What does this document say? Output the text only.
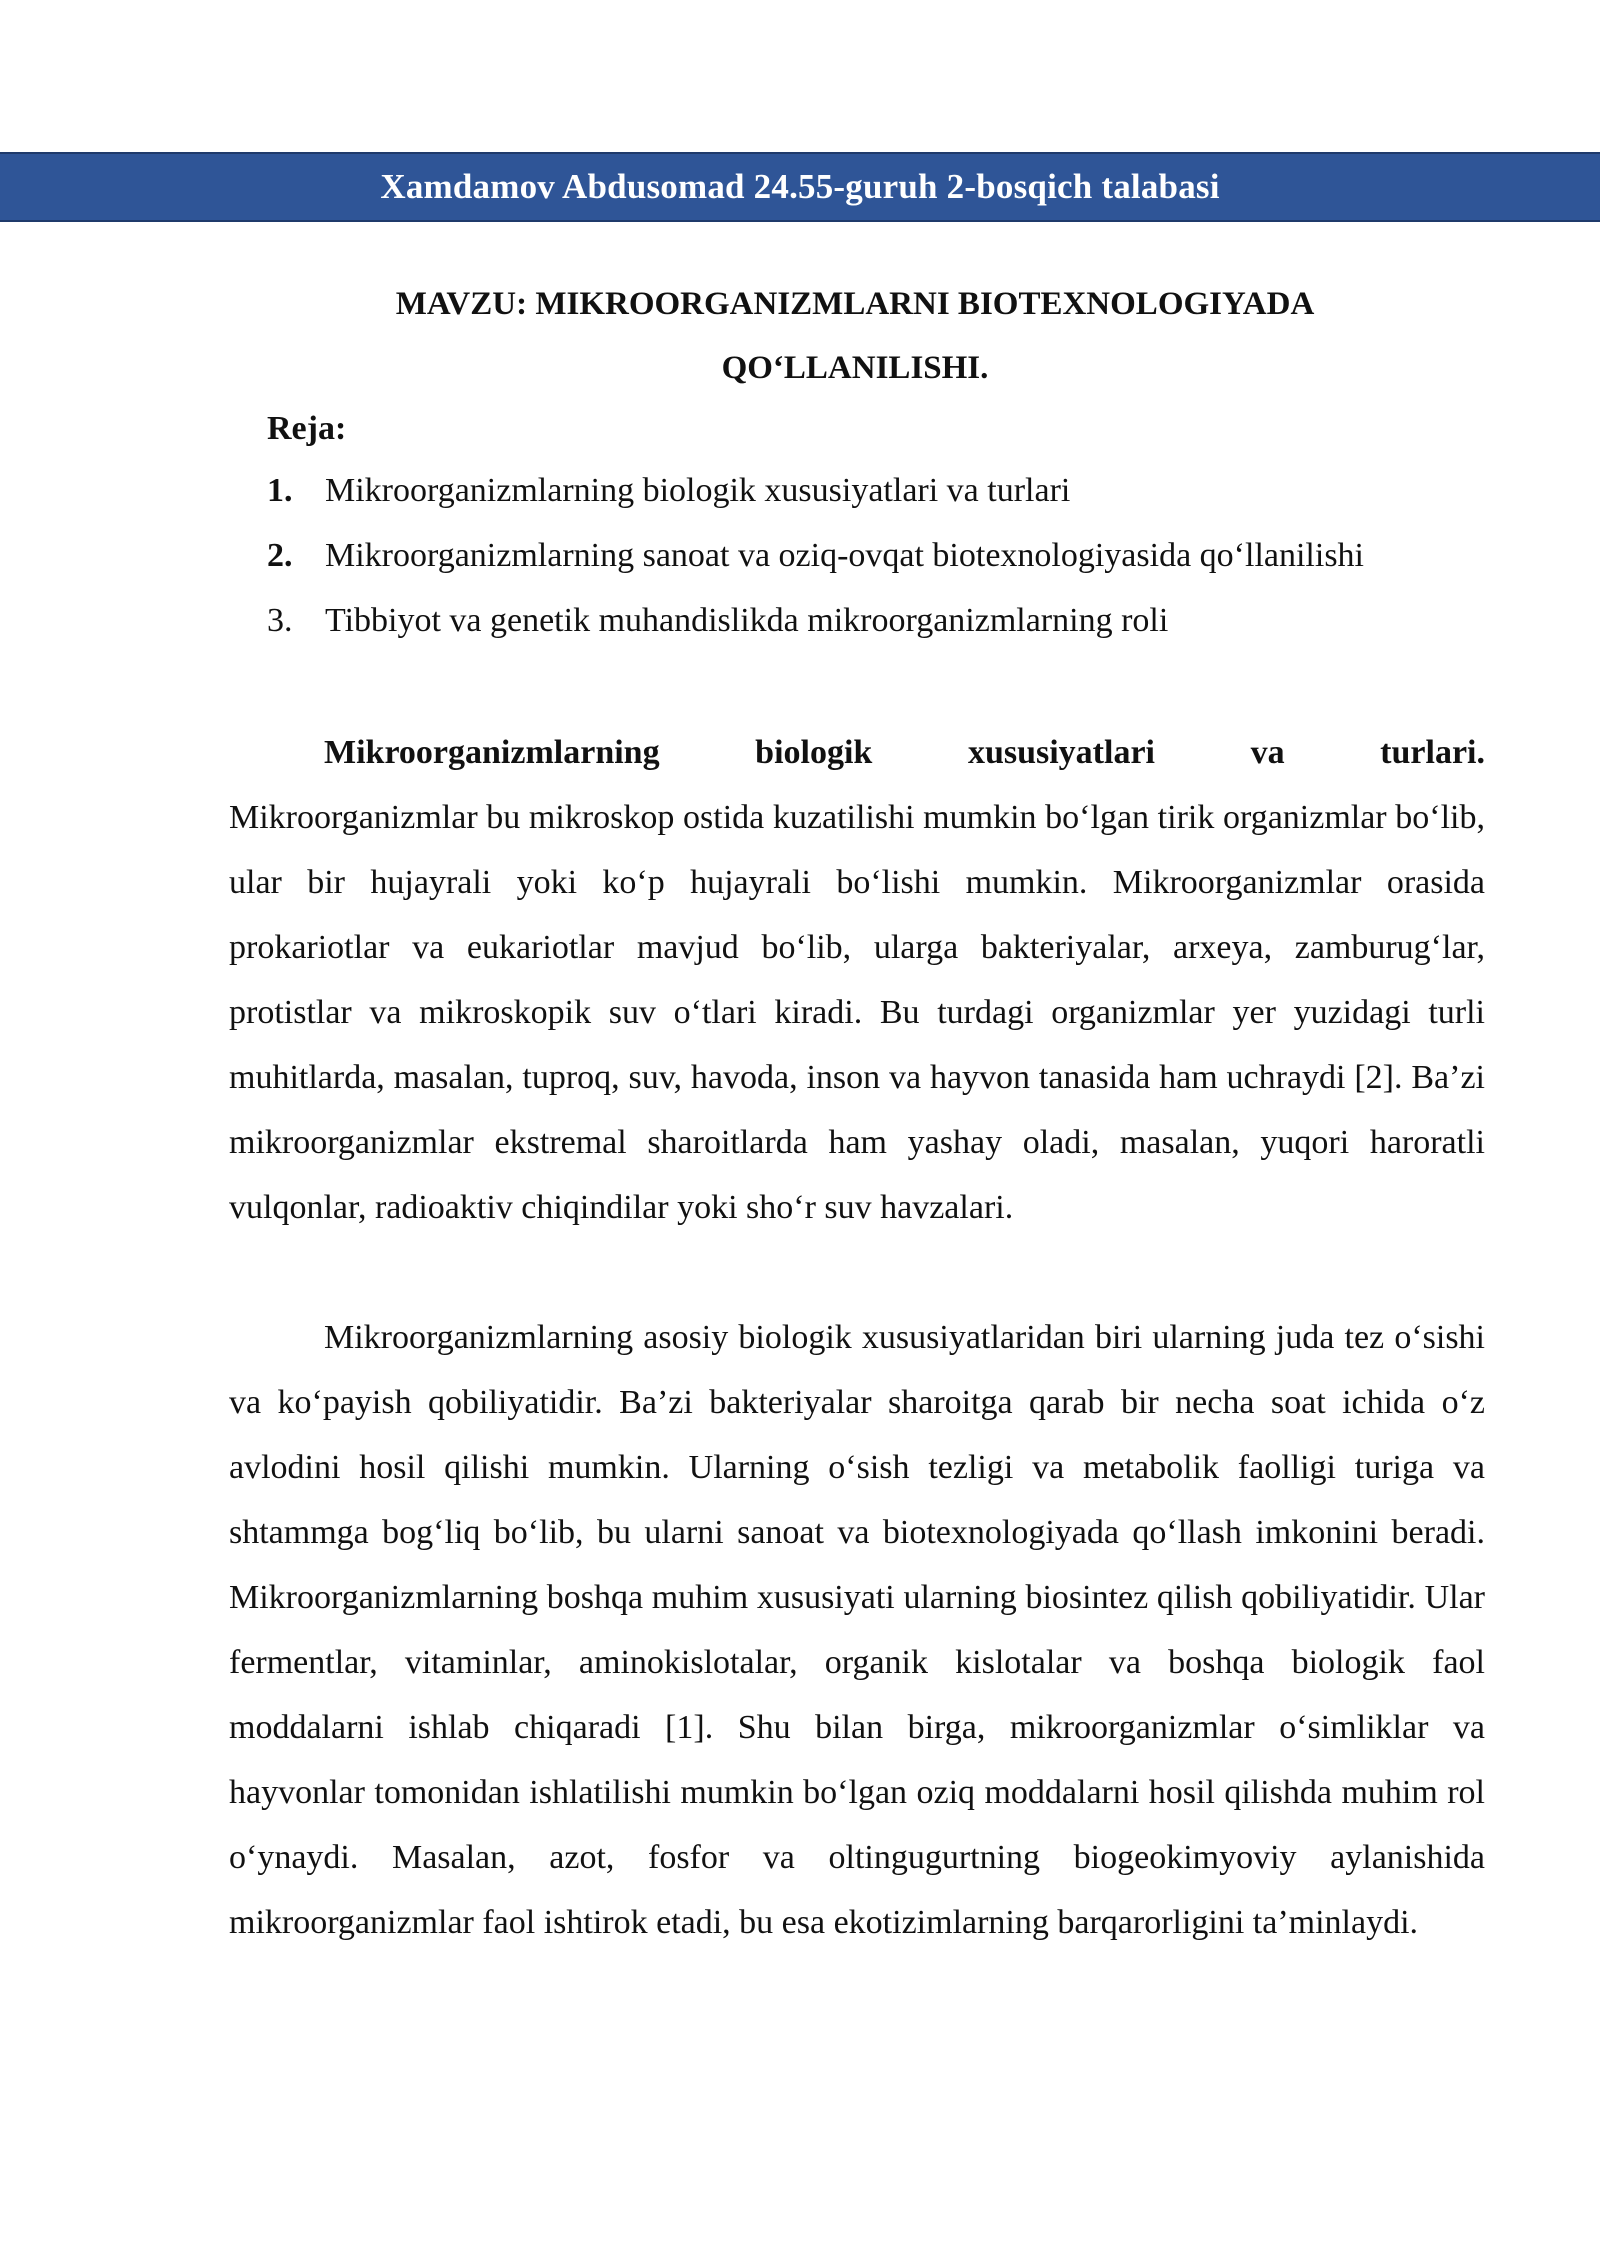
Xamdamov Abdusomad 24.55-guruh 2-bosqich talabasi
MAVZU: MIKROORGANIZMLARNI BIOTEXNOLOGIYADA
QO‘LLANILISHI.
Reja:
1. Mikroorganizmlarning biologik xususiyatlari va turlari
2. Mikroorganizmlarning sanoat va oziq-ovqat biotexnologiyasida qo‘llanilishi
3. Tibbiyot va genetik muhandislikda mikroorganizmlarning roli
Mikroorganizmlarning biologik xususiyatlari va turlari.
Mikroorganizmlar bu mikroskop ostida kuzatilishi mumkin bo‘lgan tirik organizmlar bo‘lib, ular bir hujayrali yoki ko‘p hujayrali bo‘lishi mumkin. Mikroorganizmlar orasida prokariotlar va eukariotlar mavjud bo‘lib, ularga bakteriyalar, arxeya, zamburug‘lar, protistlar va mikroskopik suv o‘tlari kiradi. Bu turdagi organizmlar yer yuzidagi turli muhitlarda, masalan, tuproq, suv, havoda, inson va hayvon tanasida ham uchraydi [2]. Ba’zi mikroorganizmlar ekstremal sharoitlarda ham yashay oladi, masalan, yuqori haroratli vulqonlar, radioaktiv chiqindilar yoki sho‘r suv havzalari.

Mikroorganizmlarning asosiy biologik xususiyatlaridan biri ularning juda tez o‘sishi va ko‘payish qobiliyatidir. Ba’zi bakteriyalar sharoitga qarab bir necha soat ichida o‘z avlodini hosil qilishi mumkin. Ularning o‘sish tezligi va metabolik faolligi turiga va shtammga bog‘liq bo‘lib, bu ularni sanoat va biotexnologiyada qo‘llash imkonini beradi. Mikroorganizmlarning boshqa muhim xususiyati ularning biosintez qilish qobiliyatidir. Ular fermentlar, vitaminlar, aminokislotalar, organik kislotalar va boshqa biologik faol moddalarni ishlab chiqaradi [1]. Shu bilan birga, mikroorganizmlar o‘simliklar va hayvonlar tomonidan ishlatilishi mumkin bo‘lgan oziq moddalarni hosil qilishda muhim rol o‘ynaydi. Masalan, azot, fosfor va oltingugurtning biogeokimyoviy aylanishida mikroorganizmlar faol ishtirok etadi, bu esa ekotizimlarning barqarorligini ta’minlaydi.
